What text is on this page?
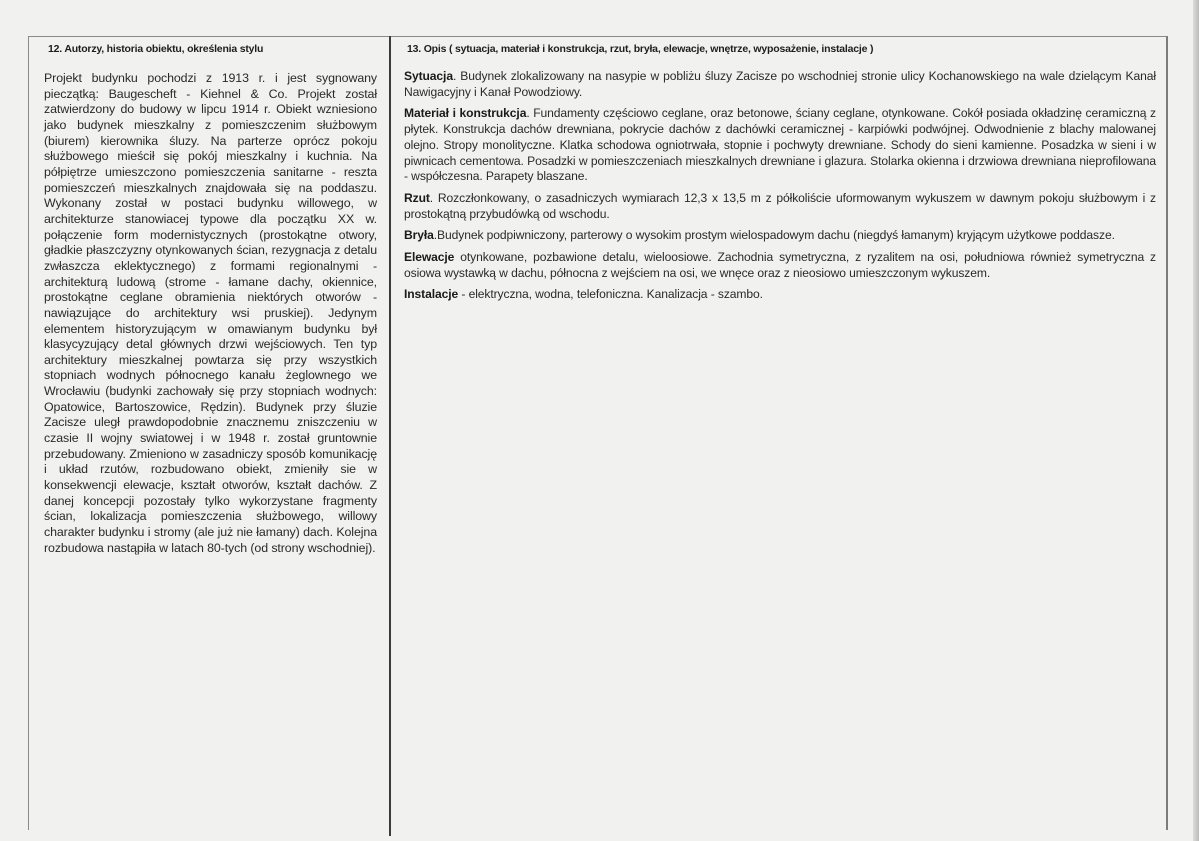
12. Autorzy, historia obiektu, określenia stylu

Projekt budynku pochodzi z 1913 r. i jest sygnowany pieczątką: Baugescheft - Kiehnel & Co. Projekt został zatwierdzony do budowy w lipcu 1914 r. Obiekt wzniesiono jako budynek mieszkalny z pomieszczenim służbowym (biurem) kierownika śluzy. Na parterze oprócz pokoju służbowego mieścił się pokój mieszkalny i kuchnia. Na półpiętrze umieszczono pomieszczenia sanitarne - reszta pomieszczeń mieszkalnych znajdowała się na poddaszu. Wykonany został w postaci budynku willowego, w architekturze stanowiacej typowe dla początku XX w. połączenie form modernistycznych (prostokątne otwory, gładkie płaszczyzny otynkowanych ścian, rezygnacja z detalu zwłaszcza eklektycznego) z formami regionalnymi - architekturą ludową (strome - łamane dachy, okiennice, prostokątne ceglane obramienia niektórych otworów - nawiązujące do architektury wsi pruskiej). Jedynym elementem historyzującym w omawianym budynku był klasycyzujący detal głównych drzwi wejściowych. Ten typ architektury mieszkalnej powtarza się przy wszystkich stopniach wodnych północnego kanału żeglownego we Wrocławiu (budynki zachowały się przy stopniach wodnych: Opatowice, Bartoszowice, Rędzin). Budynek przy śluzie Zacisze uległ prawdopodobnie znacznemu zniszczeniu w czasie II wojny swiatowej i w 1948 r. został gruntownie przebudowany. Zmieniono w zasadniczy sposób komunikację i układ rzutów, rozbudowano obiekt, zmieniły sie w konsekwencji elewacje, kształt otworów, kształt dachów. Z danej koncepcji pozostały tylko wykorzystane fragmenty ścian, lokalizacja pomieszczenia służbowego, willowy charakter budynku i stromy (ale już nie łamany) dach. Kolejna rozbudowa nastąpiła w latach 80-tych (od strony wschodniej).

13. Opis ( sytuacja, materiał i konstrukcja, rzut, bryła, elewacje, wnętrze, wyposażenie, instalacje )

Sytuacja. Budynek zlokalizowany na nasypie w pobliżu śluzy Zacisze po wschodniej stronie ulicy Kochanowskiego na wale dzielącym Kanał Nawigacyjny i Kanał Powodziowy.

Materiał i konstrukcja. Fundamenty częściowo ceglane, oraz betonowe, ściany ceglane, otynkowane. Cokół posiada okładzinę ceramiczną z płytek. Konstrukcja dachów drewniana, pokrycie dachów z dachówki ceramicznej - karpiówki podwójnej. Odwodnienie z blachy malowanej olejno. Stropy monolityczne. Klatka schodowa ogniotrwała, stopnie i pochwyty drewniane. Schody do sieni kamienne. Posadzka w sieni i w piwnicach cementowa. Posadzki w pomieszczeniach mieszkalnych drewniane i glazura. Stolarka okienna i drzwiowa drewniana nieprofilowana - współczesna. Parapety blaszane.

Rzut. Rozczłonkowany, o zasadniczych wymiarach 12,3 x 13,5 m z półkoliście uformowanym wykuszem w dawnym pokoju służbowym i z prostokątną przybudówką od wschodu.

Bryła.Budynek podpiwniczony, parterowy o wysokim prostym wielospadowym dachu (niegdyś łamanym) kryjącym użytkowe poddasze.

Elewacje otynkowane, pozbawione detalu, wieloosiowe. Zachodnia symetryczna, z ryzalitem na osi, południowa również symetryczna z osiowa wystawką w dachu, północna z wejściem na osi, we wnęce oraz z nieosiowo umieszczonym wykuszem.

Instalacje - elektryczna, wodna, telefoniczna. Kanalizacja - szambo.
